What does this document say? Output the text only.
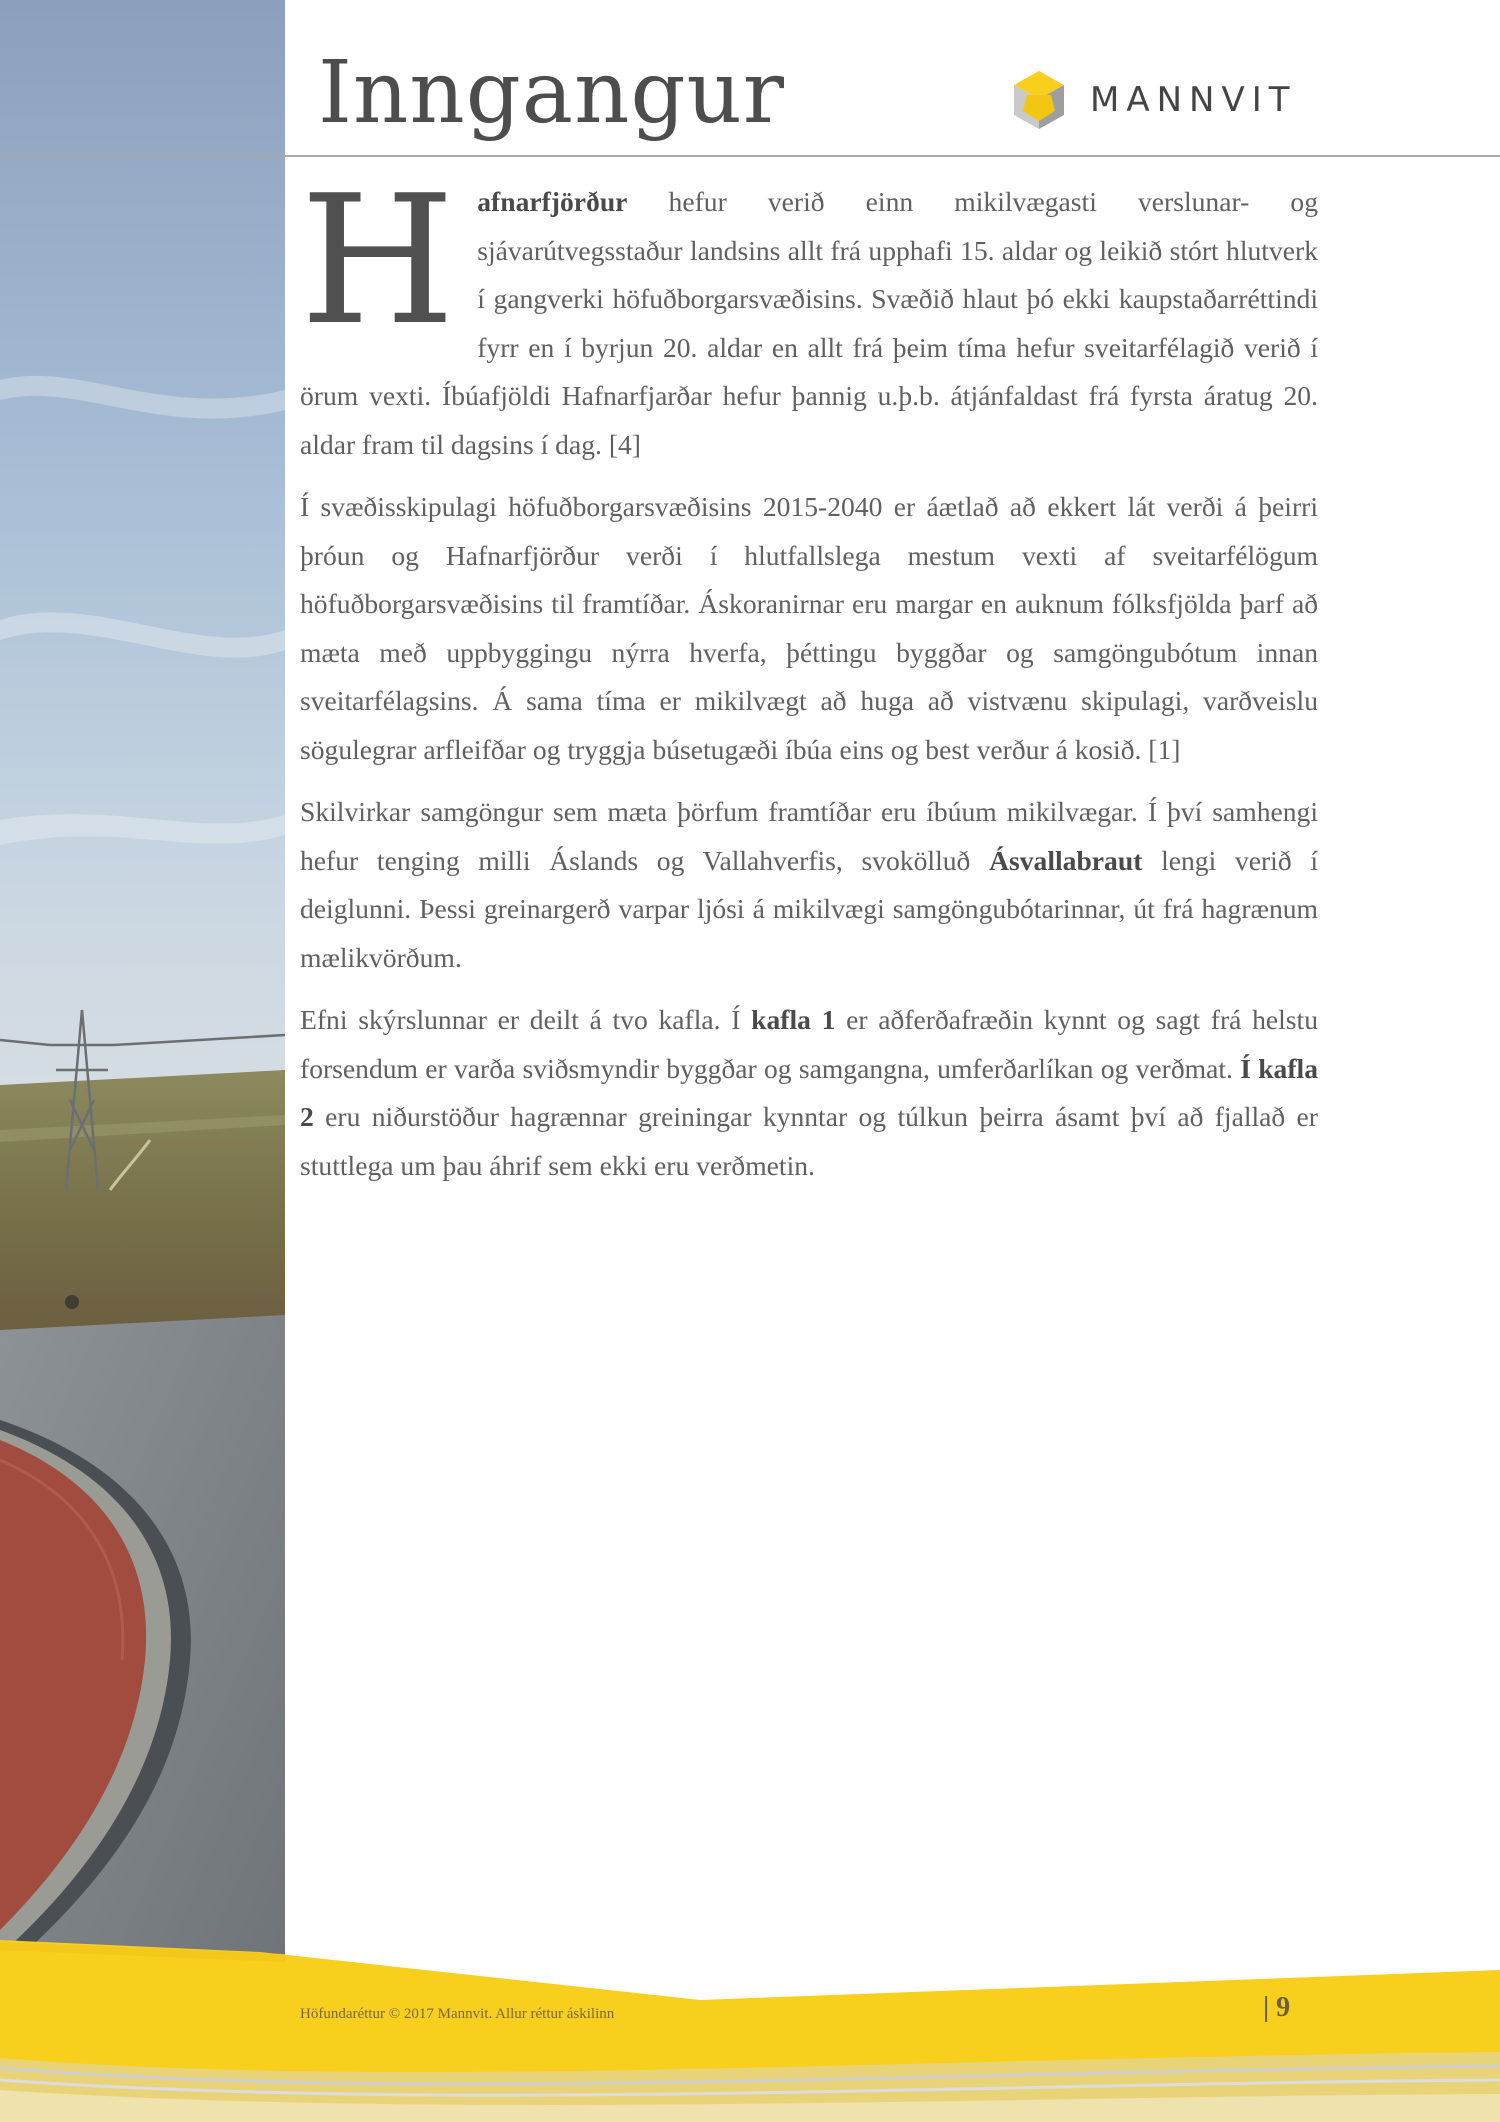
Inngangur	MANNVIT

Hafnarfjörður hefur verið einn mikilvægasti verslunar- og sjávarútvegsstaður landsins allt frá upphafi 15. aldar og leikið stórt hlutverk í gangverki höfuðborgarsvæðisins. Svæðið hlaut þó ekki kaupstaðarréttindi fyrr en í byrjun 20. aldar en allt frá þeim tíma hefur sveitarfélagið verið í örum vexti. Íbúafjöldi Hafnarfjarðar hefur þannig u.þ.b. átjánfaldast frá fyrsta áratug 20. aldar fram til dagsins í dag. [4]

Í svæðisskipulagi höfuðborgarsvæðisins 2015-2040 er áætlað að ekkert lát verði á þeirri þróun og Hafnarfjörður verði í hlutfallslega mestum vexti af sveitarfélögum höfuðborgarsvæðisins til framtíðar. Áskoranirnar eru margar en auknum fólksfjölda þarf að mæta með uppbyggingu nýrra hverfa, þéttingu byggðar og samgöngubótum innan sveitarfélagsins. Á sama tíma er mikilvægt að huga að vistvænu skipulagi, varðveislu sögulegrar arfleifðar og tryggja búsetugæði íbúa eins og best verður á kosið. [1]

Skilvirkar samgöngur sem mæta þörfum framtíðar eru íbúum mikilvægar. Í því samhengi hefur tenging milli Áslands og Vallahverfis, svokölluð Ásvallabraut lengi verið í deiglunni. Þessi greinargerð varpar ljósi á mikilvægi samgöngubótarinnar, út frá hagrænum mælikvörðum.

Efni skýrslunnar er deilt á tvo kafla. Í kafla 1 er aðferðafræðin kynnt og sagt frá helstu forsendum er varða sviðsmyndir byggðar og samgangna, umferðarlíkan og verðmat. Í kafla 2 eru niðurstöður hagrænnar greiningar kynntar og túlkun þeirra ásamt því að fjallað er stuttlega um þau áhrif sem ekki eru verðmetin.

Höfundaréttur © 2017 Mannvit. Allur réttur áskilinn	| 9
